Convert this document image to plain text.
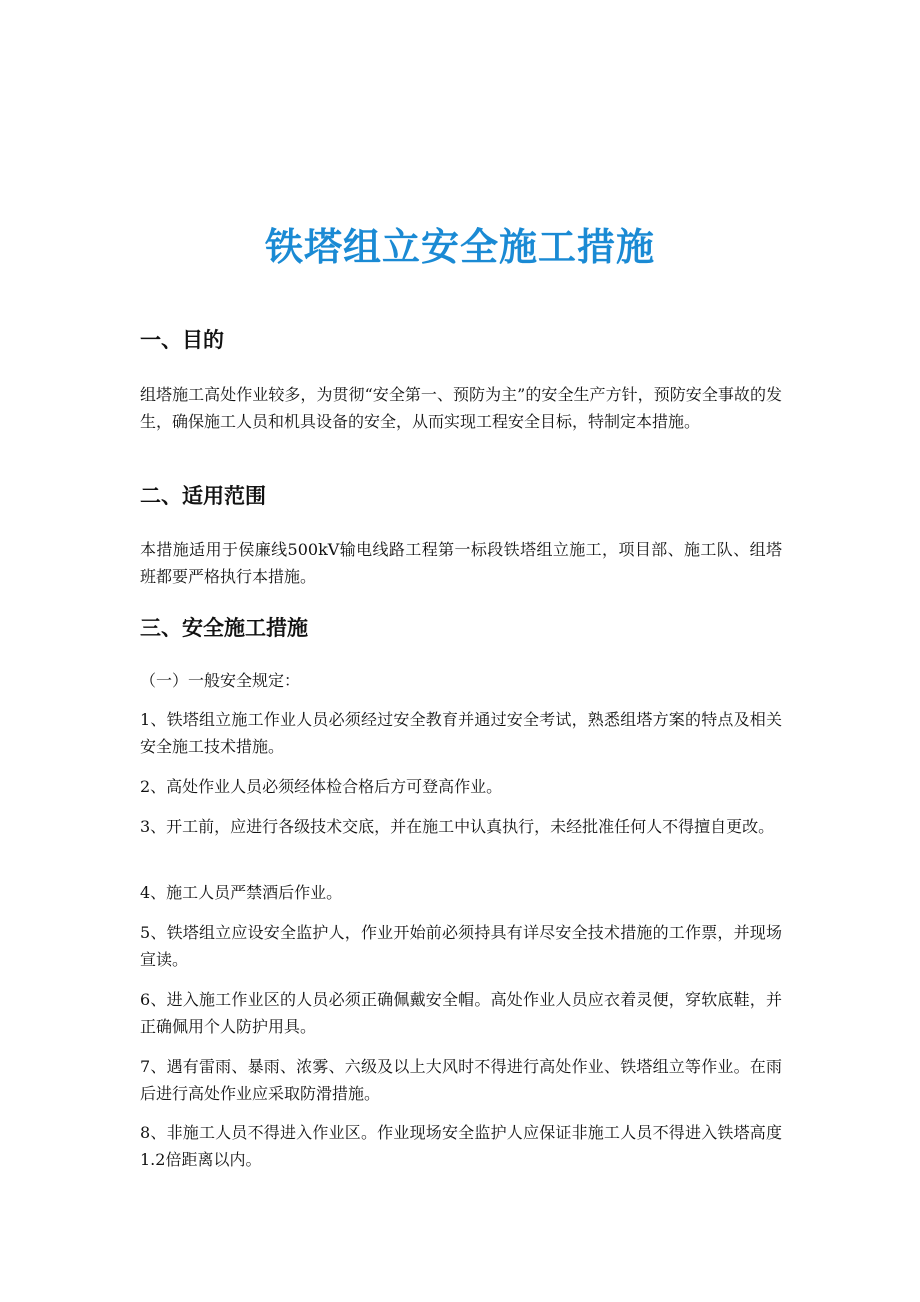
铁塔组立安全施工措施
一、目的

组塔施工高处作业较多，为贯彻“安全第一、预防为主”的安全生产方针，预防安全事故的发生，确保施工人员和机具设备的安全，从而实现工程安全目标，特制定本措施。

二、适用范围

本措施适用于侯廉线500kV输电线路工程第一标段铁塔组立施工，项目部、施工队、组塔班都要严格执行本措施。

三、安全施工措施

（一）一般安全规定：

1、铁塔组立施工作业人员必须经过安全教育并通过安全考试，熟悉组塔方案的特点及相关安全施工技术措施。

2、高处作业人员必须经体检合格后方可登高作业。

3、开工前，应进行各级技术交底，并在施工中认真执行，未经批准任何人不得擅自更改。

4、施工人员严禁酒后作业。

5、铁塔组立应设安全监护人，作业开始前必须持具有详尽安全技术措施的工作票，并现场宣读。

6、进入施工作业区的人员必须正确佩戴安全帽。高处作业人员应衣着灵便，穿软底鞋，并正确佩用个人防护用具。

7、遇有雷雨、暴雨、浓雾、六级及以上大风时不得进行高处作业、铁塔组立等作业。在雨后进行高处作业应采取防滑措施。

8、非施工人员不得进入作业区。作业现场安全监护人应保证非施工人员不得进入铁塔高度1.2倍距离以内。
